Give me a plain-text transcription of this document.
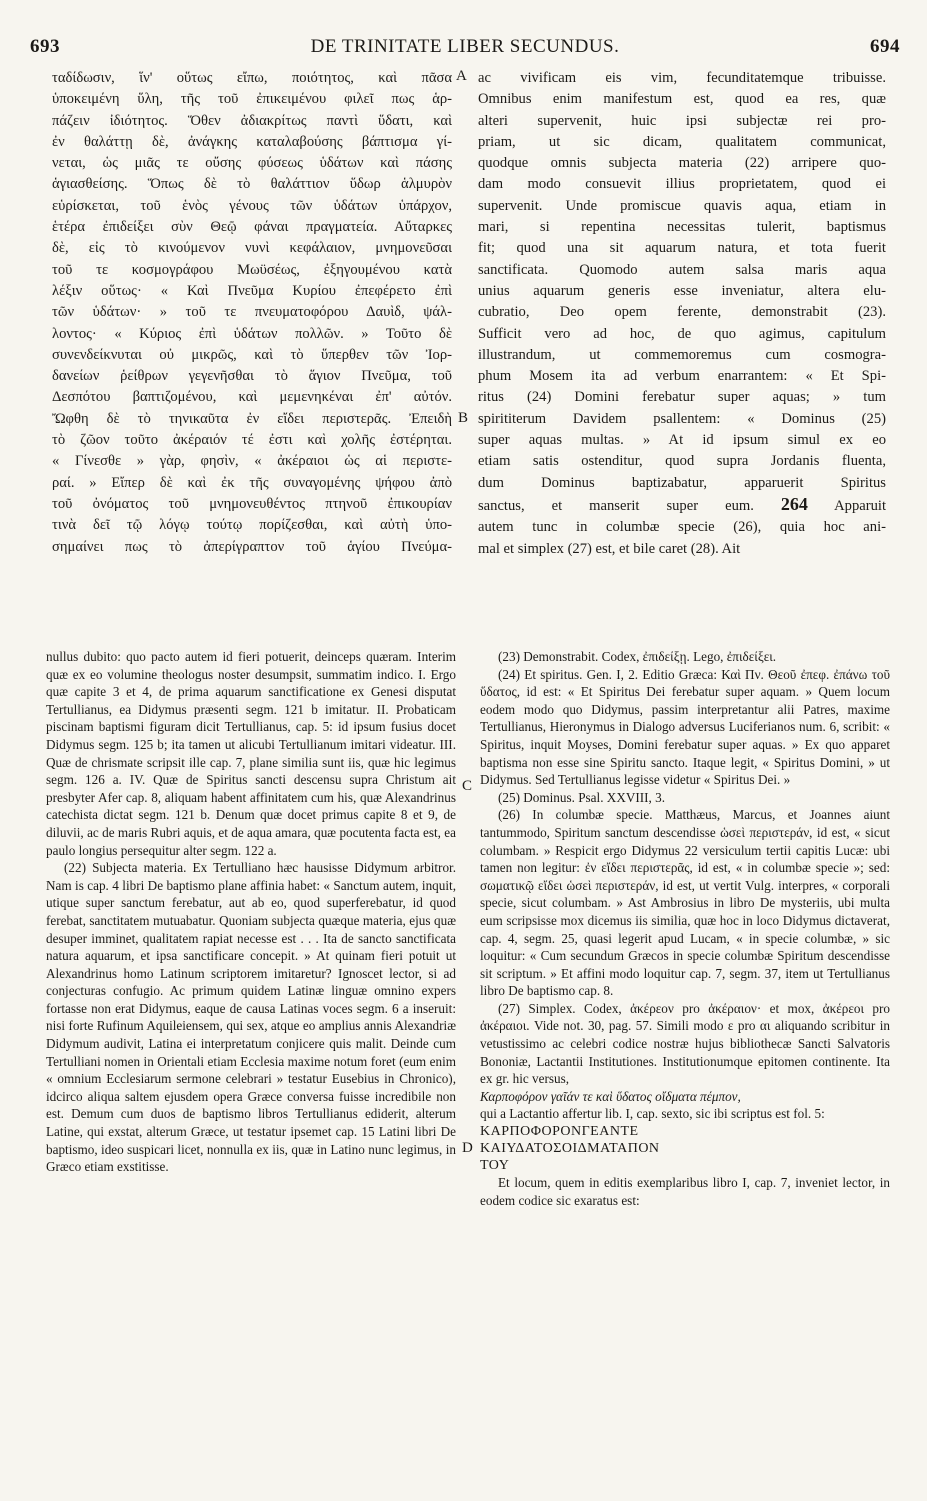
693	DE TRINITATE LIBER SECUNDUS.	694

ταδίδωσιν, ἵν' οὕτως εἴπω, ποιότητος, καὶ πᾶσα

ὑποκειμένη ὕλη, τῆς τοῦ ἐπικειμένου φιλεῖ πως ἁρ-

πάζειν ἰδιότητος. Ὅθεν ἀδιακρίτως παντὶ ὕδατι, καὶ

ἐν θαλάττῃ δὲ, ἀνάγκης καταλαβούσης βάπτισμα γί-

νεται, ὡς μιᾶς τε οὔσης φύσεως ὑδάτων καὶ πάσης

ἁγιασθείσης. Ὅπως δὲ τὸ θαλάττιον ὕδωρ ἁλμυρὸν

εὑρίσκεται, τοῦ ἑνὸς γένους τῶν ὑδάτων ὑπάρχον,

ἑτέρα ἐπιδείξει σὺν Θεῷ φάναι πραγματεία. Αὔταρκες

δὲ, εἰς τὸ κινούμενον νυνὶ κεφάλαιον, μνημονεῦσαι

τοῦ τε κοσμογράφου Μωϋσέως, ἐξηγουμένου κατὰ

λέξιν οὕτως· « Καὶ Πνεῦμα Κυρίου ἐπεφέρετο ἐπὶ

τῶν ὑδάτων· » τοῦ τε πνευματοφόρου Δαυὶδ, ψάλ-

λοντος· « Κύριος ἐπὶ ὑδάτων πολλῶν. » Τοῦτο δὲ

συνενδείκνυται οὐ μικρῶς, καὶ τὸ ὕπερθεν τῶν Ἰορ-

δανείων ῥείθρων γεγενῆσθαι τὸ ἅγιον Πνεῦμα, τοῦ

Δεσπότου βαπτιζομένου, καὶ μεμενηκέναι ἐπ' αὐτόν.

Ὤφθη δὲ τὸ τηνικαῦτα ἐν εἴδει περιστερᾶς. Ἐπειδὴ

τὸ ζῶον τοῦτο ἀκέραιόν τέ ἐστι καὶ χολῆς ἐστέρηται.

« Γίνεσθε » γὰρ, φησὶν, « ἀκέραιοι ὡς αἱ περιστε-

ραί. » Εἴπερ δὲ καὶ ἐκ τῆς συναγομένης ψήφου ἀπὸ

τοῦ ὀνόματος τοῦ μνημονευθέντος πτηνοῦ ἐπικουρίαν

τινὰ δεῖ τῷ λόγῳ τούτῳ πορίζεσθαι, καὶ αὐτὴ ὑπο-

σημαίνει πως τὸ ἀπερίγραπτον τοῦ ἁγίου Πνεύμα-

ac vivificam eis vim, fecunditatemque tribuisse.

Omnibus enim manifestum est, quod ea res, quæ

alteri supervenit, huic ipsi subjectæ rei pro-

priam, ut sic dicam, qualitatem communicat,

quodque omnis subjecta materia (22) arripere quo-

dam modo consuevit illius proprietatem, quod ei

supervenit. Unde promiscue quavis aqua, etiam in

mari, si repentina necessitas tulerit, baptismus

fit; quod una sit aquarum natura, et tota fuerit

sanctificata. Quomodo autem salsa maris aqua

unius aquarum generis esse inveniatur, altera elu-

cubratio, Deo opem ferente, demonstrabit (23).

Sufficit vero ad hoc, de quo agimus, capitulum

illustrandum, ut commemoremus cum cosmogra-

phum Mosem ita ad verbum enarrantem: « Et Spi-

ritus (24) Domini ferebatur super aquas; » tum

spirititerum Davidem psallentem: « Dominus (25)

super aquas multas. » At id ipsum simul ex eo

etiam satis ostenditur, quod supra Jordanis fluenta,

dum Dominus baptizabatur, apparuerit Spiritus

sanctus, et manserit super eum. 264 Apparuit

autem tunc in columbæ specie (26), quia hoc ani-

mal et simplex (27) est, et bile caret (28). Ait

A
B
C
D

nullus dubito: quo pacto autem id fieri potuerit, deinceps quæram. Interim quæ ex eo volumine theologus noster desumpsit, summatim indico. I. Ergo quæ capite 3 et 4, de prima aquarum sanctificatione ex Genesi disputat Tertullianus, ea Didymus præsenti segm. 121 b imitatur. II. Probaticam piscinam baptismi figuram dicit Tertullianus, cap. 5: id ipsum fusius docet Didymus segm. 125 b; ita tamen ut alicubi Tertullianum imitari videatur. III. Quæ de chrismate scripsit ille cap. 7, plane similia sunt iis, quæ hic legimus segm. 126 a. IV. Quæ de Spiritus sancti descensu supra Christum ait presbyter Afer cap. 8, aliquam habent affinitatem cum his, quæ Alexandrinus catechista dictat segm. 121 b. Denum quæ docet primus capite 8 et 9, de diluvii, ac de maris Rubri aquis, et de aqua amara, quæ pocutenta facta est, ea paulo longius persequitur alter segm. 122 a.

(22) Subjecta materia. Ex Tertulliano hæc hausisse Didymum arbitror. Nam is cap. 4 libri De baptismo plane affinia habet: « Sanctum autem, inquit, utique super sanctum ferebatur, aut ab eo, quod superferebatur, id quod ferebat, sanctitatem mutuabatur. Quoniam subjecta quæque materia, ejus quæ desuper imminet, qualitatem rapiat necesse est . . . Ita de sancto sanctificata natura aquarum, et ipsa sanctificare concepit. » At quinam fieri potuit ut Alexandrinus homo Latinum scriptorem imitaretur? Ignoscet lector, si ad conjecturas confugio. Ac primum quidem Latinæ linguæ omnino expers fortasse non erat Didymus, eaque de causa Latinas voces segm. 6 a inseruit: nisi forte Rufinum Aquileiensem, qui sex, atque eo amplius annis Alexandriæ Didymum audivit, Latina ei interpretatum conjicere quis malit. Deinde cum Tertulliani nomen in Orientali etiam Ecclesia maxime notum foret (eum enim « omnium Ecclesiarum sermone celebrari » testatur Eusebius in Chronico), idcirco aliqua saltem ejusdem opera Græce conversa fuisse incredibile non est. Demum cum duos de baptismo libros Tertullianus ediderit, alterum Latine, qui exstat, alterum Græce, ut testatur ipsemet cap. 15 Latini libri De baptismo, ideo suspicari licet, nonnulla ex iis, quæ in Latino nunc legimus, in Græco etiam exstitisse.

(23) Demonstrabit. Codex, ἐπιδείξῃ. Lego, ἐπιδείξει.

(24) Et spiritus. Gen. I, 2. Editio Græca: Καὶ Πν. Θεοῦ ἐπεφ. ἐπάνω τοῦ ὕδατος, id est: « Et Spiritus Dei ferebatur super aquam. » Quem locum eodem modo quo Didymus, passim interpretantur alii Patres, maxime Tertullianus, Hieronymus in Dialogo adversus Luciferianos num. 6, scribit: « Spiritus, inquit Moyses, Domini ferebatur super aquas. » Ex quo apparet baptisma non esse sine Spiritu sancto. Itaque legit, « Spiritus Domini, » ut Didymus. Sed Tertullianus legisse videtur « Spiritus Dei. »

(25) Dominus. Psal. XXVIII, 3.

(26) In columbæ specie. Matthæus, Marcus, et Joannes aiunt tantummodo, Spiritum sanctum descendisse ὡσεὶ περιστεράν, id est, « sicut columbam. » Respicit ergo Didymus 22 versiculum tertii capitis Lucæ: ubi tamen non legitur: ἐν εἴδει περιστερᾶς, id est, « in columbæ specie »; sed: σωματικῷ εἴδει ὡσεὶ περιστεράν, id est, ut vertit Vulg. interpres, « corporali specie, sicut columbam. » Ast Ambrosius in libro De mysteriis, ubi multa eum scripsisse mox dicemus iis similia, quæ hoc in loco Didymus dictaverat, cap. 4, segm. 25, quasi legerit apud Lucam, « in specie columbæ, » sic loquitur: « Cum secundum Græcos in specie columbæ Spiritum descendisse sit scriptum. » Et affini modo loquitur cap. 7, segm. 37, item ut Tertullianus libro De baptismo cap. 8.

(27) Simplex. Codex, ἀκέρεον pro ἀκέραιον· et mox, ἀκέρεοι pro ἀκέραιοι. Vide not. 30, pag. 57. Simili modo ε pro αι aliquando scribitur in vetustissimo ac celebri codice nostræ hujus bibliothecæ Sancti Salvatoris Bononiæ, Lactantii Institutiones. Institutionumque epitomen continente. Ita ex gr. hic versus,

Καρποφόρον γαῖάν τε καὶ ὕδατος οἴδματα πέμπον,

qui a Lactantio affertur lib. I, cap. sexto, sic ibi scriptus est fol. 5:

ΚΑΡΠΟΦΟΡΟΝΓΕΑΝΤΕ

ΚΑΙΥΔΑΤΟΣΟΙΔΜΑΤΑΠΟΝ

ΤΟΥ

Et locum, quem in editis exemplaribus libro I, cap. 7, inveniet lector, in eodem codice sic exaratus est:
